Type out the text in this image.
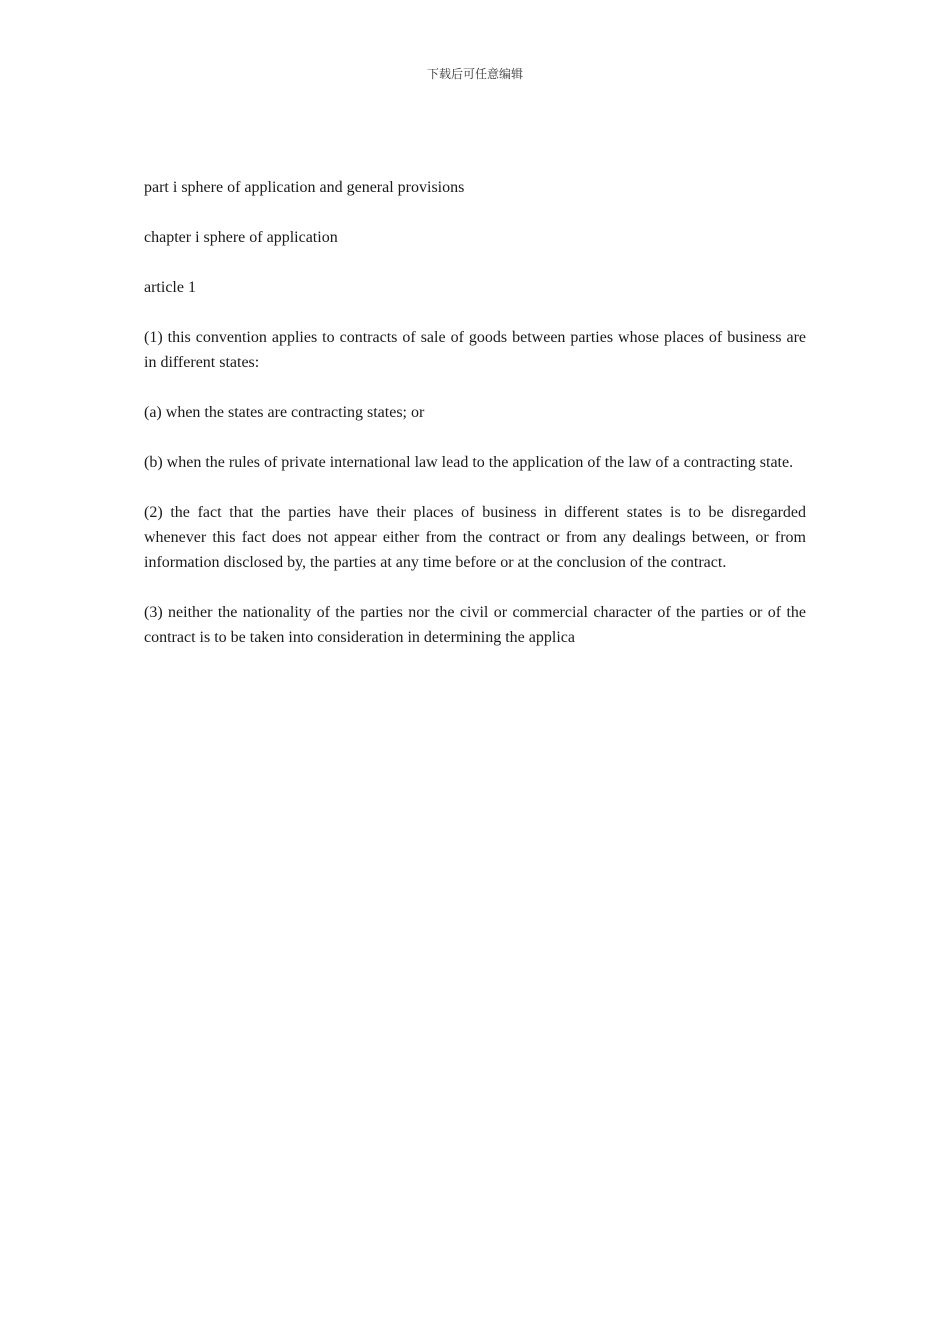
下载后可任意编辑

part i sphere of application and general provisions

chapter i sphere of application

article 1

(1) this convention applies to contracts of sale of goods between parties whose places of business are in different states:

(a) when the states are contracting states; or

(b) when the rules of private international law lead to the application of the law of a contracting state.

(2) the fact that the parties have their places of business in different states is to be disregarded whenever this fact does not appear either from the contract or from any dealings between, or from information disclosed by, the parties at any time before or at the conclusion of the contract.

(3) neither the nationality of the parties nor the civil or commercial character of the parties or of the contract is to be taken into consideration in determining the applica
